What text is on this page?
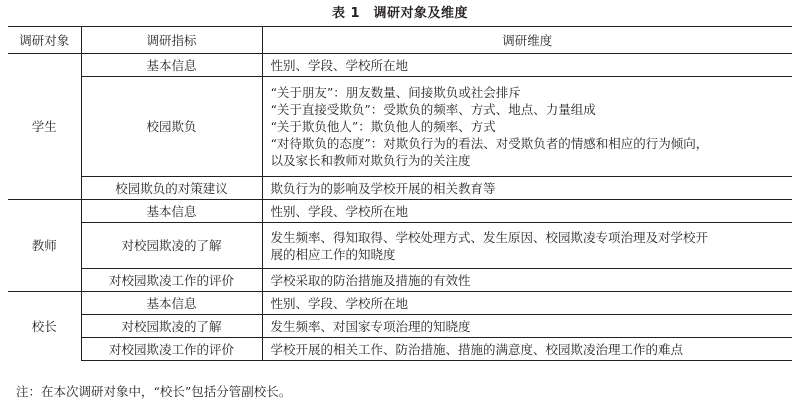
表 1　调研对象及维度
调研对象	调研指标	调研维度
学生	基本信息	性别、学段、学校所在地
	校园欺负	“关于朋友”：朋友数量、间接欺负或社会排斥
“关于直接受欺负”：受欺负的频率、方式、地点、力量组成
“关于欺负他人”：欺负他人的频率、方式
“对待欺负的态度”：对欺负行为的看法、对受欺负者的情感和相应的行为倾向，
以及家长和教师对欺负行为的关注度

	校园欺负的对策建议	欺负行为的影响及学校开展的相关教育等
教师	基本信息	性别、学段、学校所在地
	对校园欺凌的了解	发生频率、得知取得、学校处理方式、发生原因、校园欺凌专项治理及对学校开
展的相应工作的知晓度

	对校园欺凌工作的评价	学校采取的防治措施及措施的有效性
校长	基本信息	性别、学段、学校所在地
	对校园欺凌的了解	发生频率、对国家专项治理的知晓度
	对校园欺凌工作的评价	学校开展的相关工作、防治措施、措施的满意度、校园欺凌治理工作的难点
注：在本次调研对象中，“校长”包括分管副校长。
